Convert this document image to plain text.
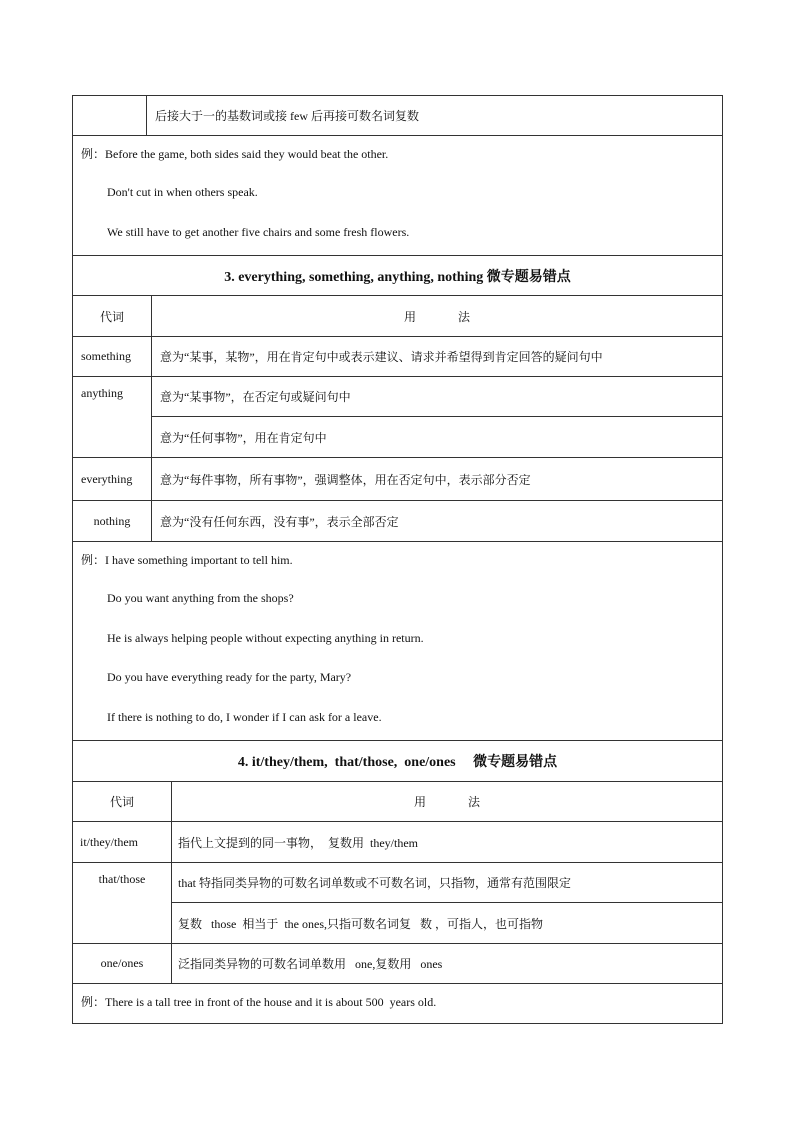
后接大于一的基数词或接 few 后再接可数名词复数
例：Before the game, both sides said they would beat the other.
Don't cut in when others speak.
We still have to get another five chairs and some fresh flowers.
3. everything, something, anything, nothing 微专题易错点
代词	用              法
something 意为“某事，某物”，用在肯定句中或表示建议、请求并希望得到肯定回答的疑问句中
anything	意为“某事物”，在否定句或疑问句中
意为“任何事物”，用在肯定句中
everything 意为“每件事物，所有事物”，强调整体，用在否定句中，表示部分否定
nothing 意为“没有任何东西，没有事”，表示全部否定
例：I have something important to tell him.
Do you want anything from the shops?
He is always helping people without expecting anything in return.
Do you have everything ready for the party, Mary?
If there is nothing to do, I wonder if I can ask for a leave.
4. it/they/them,  that/those,  one/ones     微专题易错点
代词	用              法
it/they/them	指代上文提到的同一事物，  复数用  they/them
that/those	that 特指同类异物的可数名词单数或不可数名词，只指物，通常有范围限定
复数   those  相当于  the ones,只指可数名词复   数 ，可指人，也可指物
one/ones	泛指同类异物的可数名词单数用   one,复数用   ones
例：There is a tall tree in front of the house and it is about 500  years old.
